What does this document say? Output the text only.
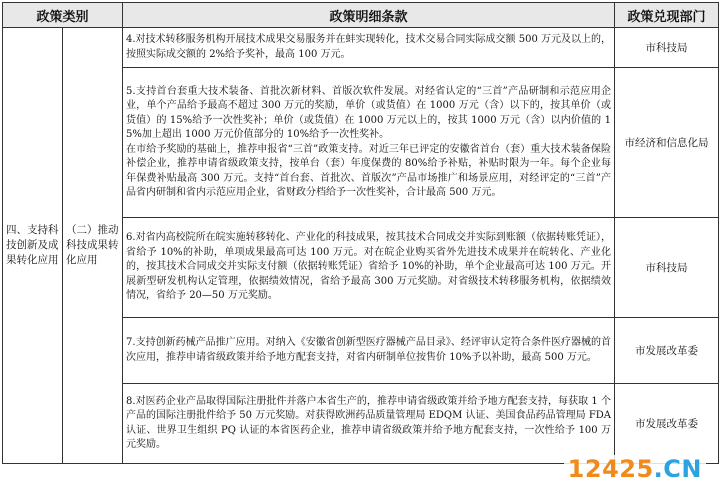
政策类别		政策明细条款	政策兑现部门
四、支持科技创新及成果转化应用	（二）推动科技成果转化应用	4.对技术转移服务机构开展技术成果交易服务并在蚌实现转化，技术交易合同实际成交额 500 万元及以上的，按照实际成交额的 2%给予奖补，最高 100 万元。	市科技局

		5.支持首台套重大技术装备、首批次新材料、首版次软件发展。对经省认定的“三首”产品研制和示范应用企业，单个产品给予最高不超过 300 万元的奖励，单价（或货值）在 1000 万元（含）以下的，按其单价（或货值）的 15%给予一次性奖补；单价（或货值）在 1000 万元以上的，按其 1000 万元（含）以内价值的 15%加上超出 1000 万元价值部分的 10%给予一次性奖补。

在市给予奖励的基础上，推荐申报省“三首”政策支持。对近三年已评定的安徽省首台（套）重大技术装备保险补偿企业，推荐申请省级政策支持，按单台（套）年度保费的 80%给予补贴，补贴时限为一年。每个企业每年保费补贴最高 300 万元。支持“首台套、首批次、首版次”产品市场推广和场景应用，对经评定的“三首”产品省内研制和省内示范应用企业，省财政分档给予一次性奖补，合计最高 500 万元。	市经济和信息化局

		6.对省内高校院所在皖实施转移转化、产业化的科技成果，按其技术合同成交并实际到账额（依据转账凭证），省给予 10%的补助，单项成果最高可达 100 万元。对在皖企业购买省外先进技术成果并在皖转化、产业化的，按其技术合同成交并实际支付额（依据转账凭证）省给予 10%的补助，单个企业最高可达 100 万元。开展新型研发机构认定管理，依据绩效情况，省给予最高 300 万元奖励。对省级技术转移服务机构，依据绩效情况，省给予 20—50 万元奖励。	市科技局

		7.支持创新药械产品推广应用。对纳入《安徽省创新型医疗器械产品目录》、经评审认定符合条件医疗器械的首次应用，推荐申请省级政策并给予地方配套支持，对省内研制单位按售价 10%予以补助，最高 500 万元。	市发展改革委

		8.对医药企业产品取得国际注册批件并落户本省生产的，推荐申请省级政策并给予地方配套支持，每获取 1 个产品的国际注册批件给予 50 万元奖励。对获得欧洲药品质量管理局 EDQM 认证、美国食品药品管理局 FDA 认证、世界卫生组织 PQ 认证的本省医药企业，推荐申请省级政策并给予地方配套支持，一次性给予 100 万元奖励。	市发展改革委
12425.CN
